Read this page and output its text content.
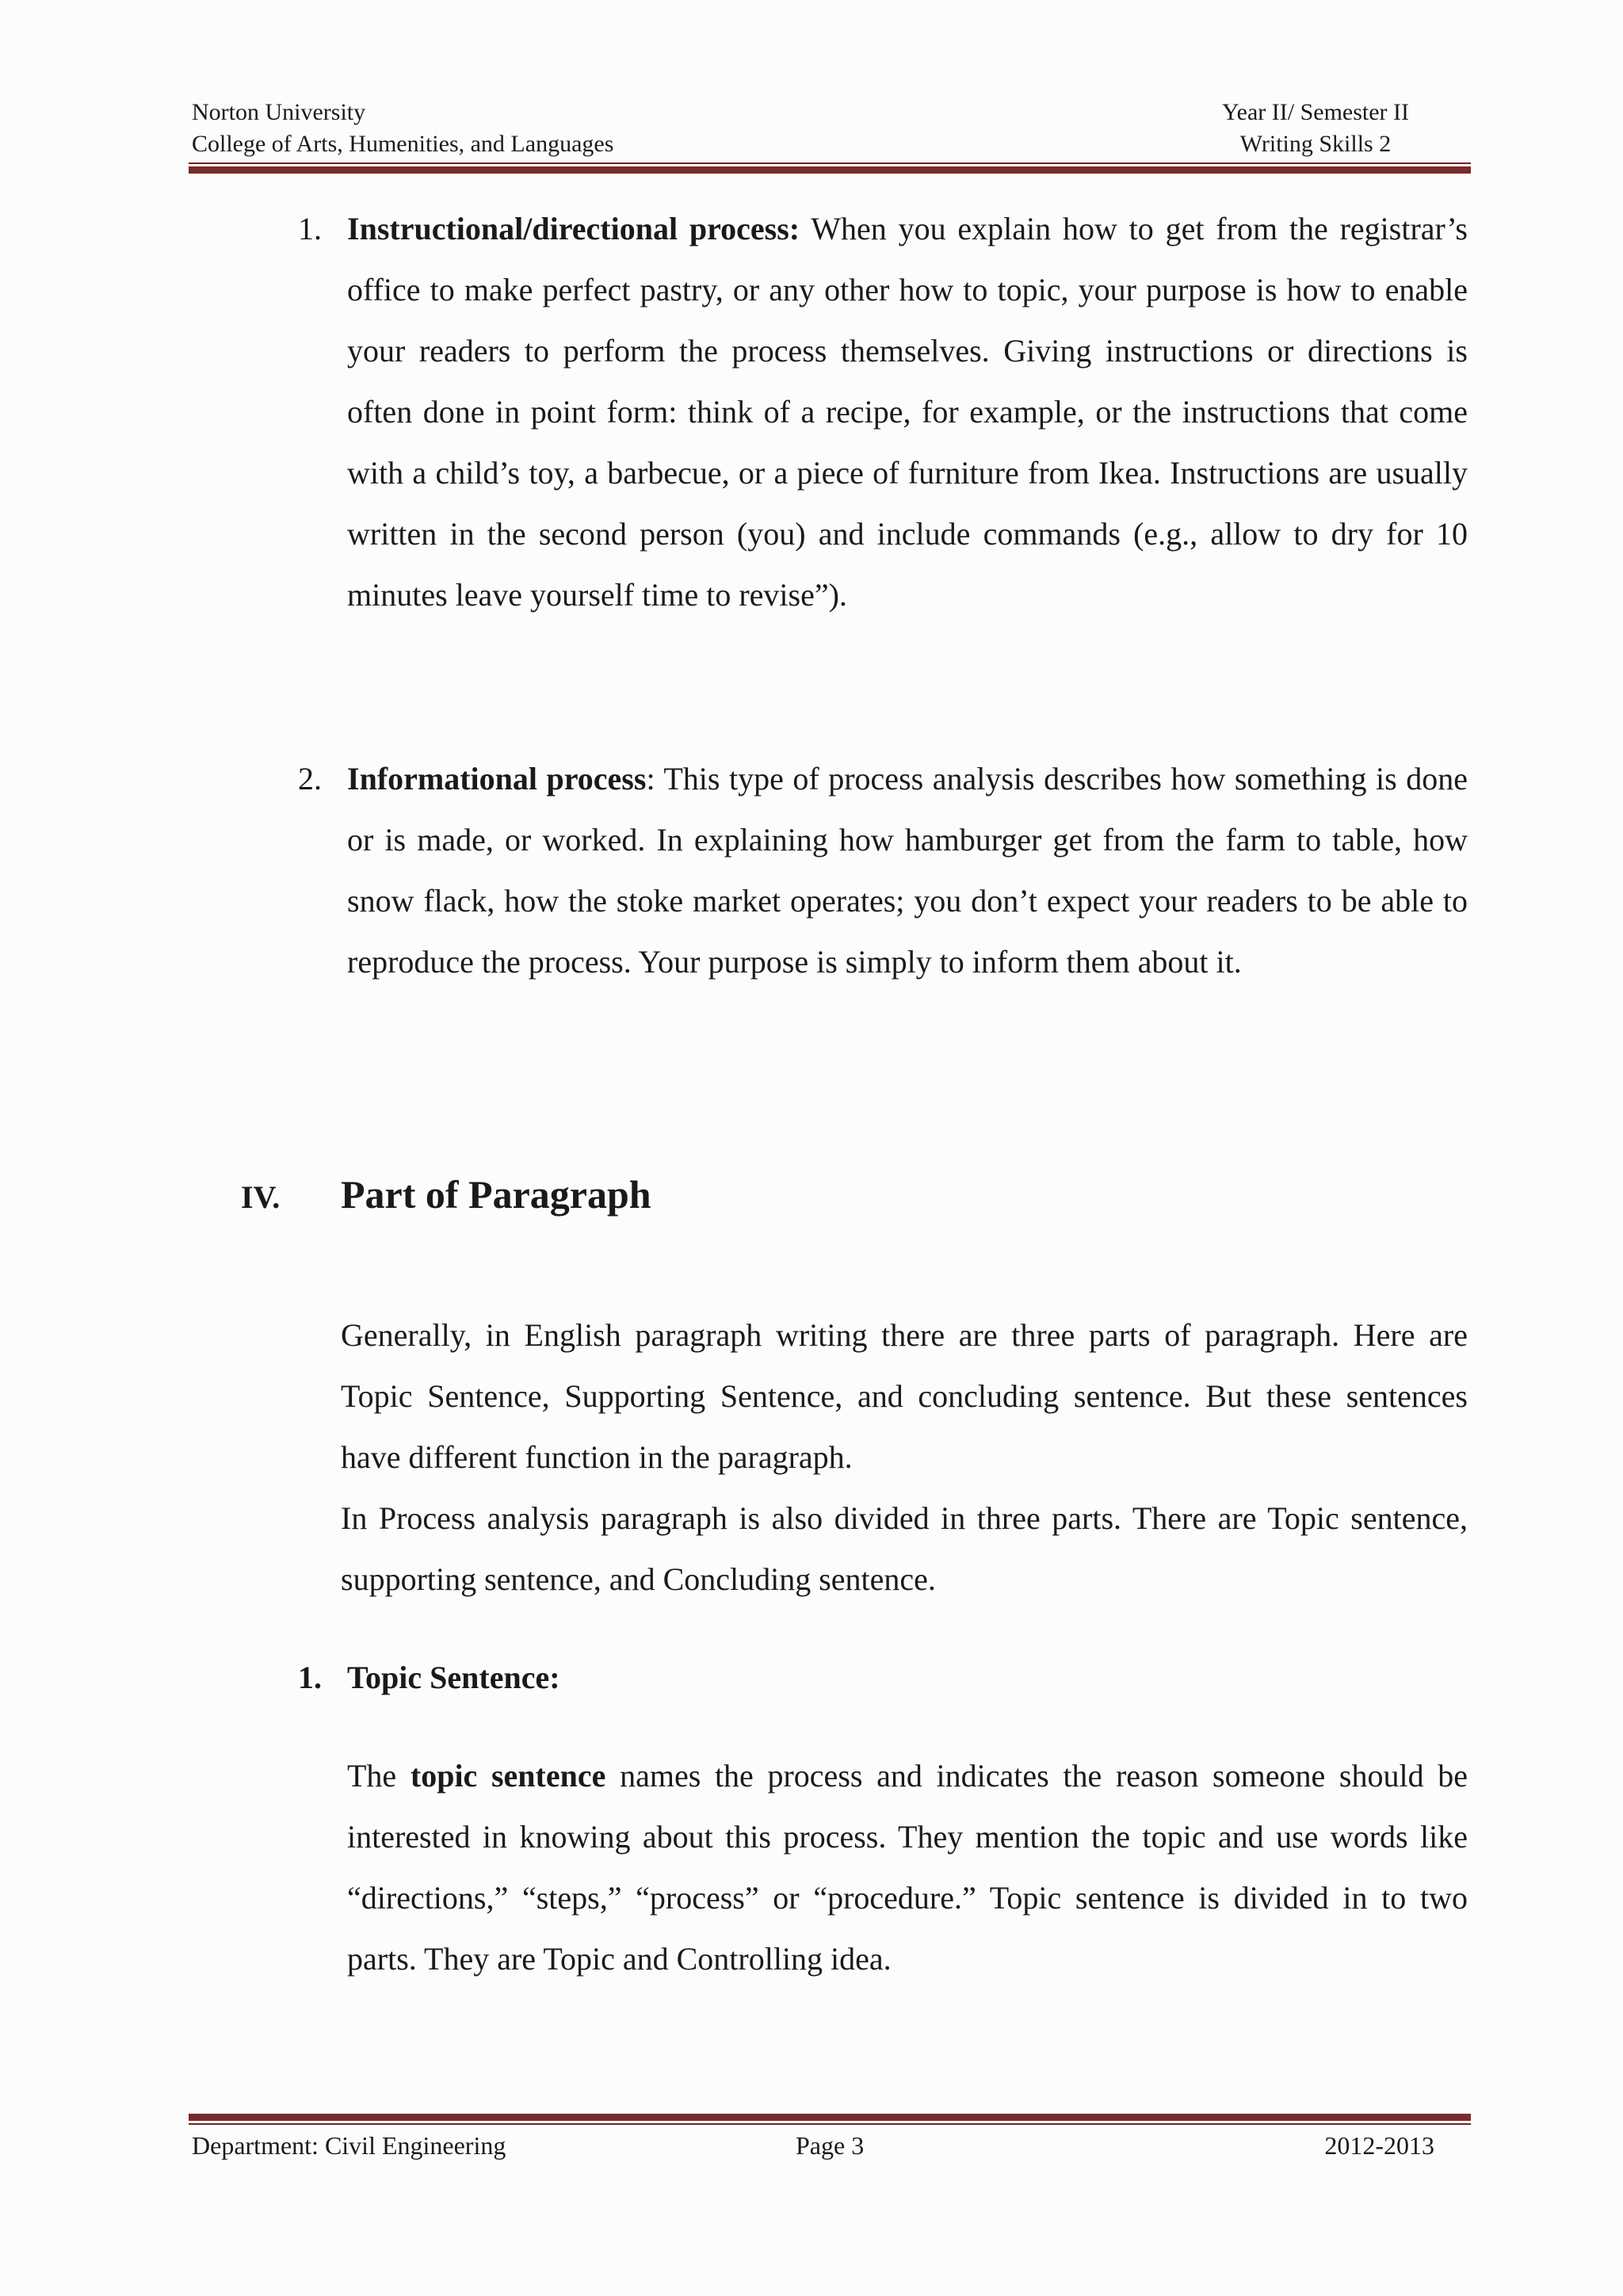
Norton University	Year II/ Semester II
College of Arts, Humenities, and Languages	Writing Skills 2
1. Instructional/directional process: When you explain how to get from the registrar’s office to make perfect pastry, or any other how to topic, your purpose is how to enable your readers to perform the process themselves. Giving instructions or directions is often done in point form: think of a recipe, for example, or the instructions that come with a child’s toy, a barbecue, or a piece of furniture from Ikea. Instructions are usually written in the second person (you) and include commands (e.g., allow to dry for 10 minutes leave yourself time to revise”).
2. Informational process: This type of process analysis describes how something is done or is made, or worked. In explaining how hamburger get from the farm to table, how snow flack, how the stoke market operates; you don’t expect your readers to be able to reproduce the process. Your purpose is simply to inform them about it.
IV. Part of Paragraph
Generally, in English paragraph writing there are three parts of paragraph. Here are Topic Sentence, Supporting Sentence, and concluding sentence. But these sentences have different function in the paragraph.
In Process analysis paragraph is also divided in three parts. There are Topic sentence, supporting sentence, and Concluding sentence.
1. Topic Sentence:
The topic sentence names the process and indicates the reason someone should be interested in knowing about this process. They mention the topic and use words like “directions,” “steps,” “process” or “procedure.” Topic sentence is divided in to two parts. They are Topic and Controlling idea.
Department: Civil Engineering	Page 3	2012-2013
